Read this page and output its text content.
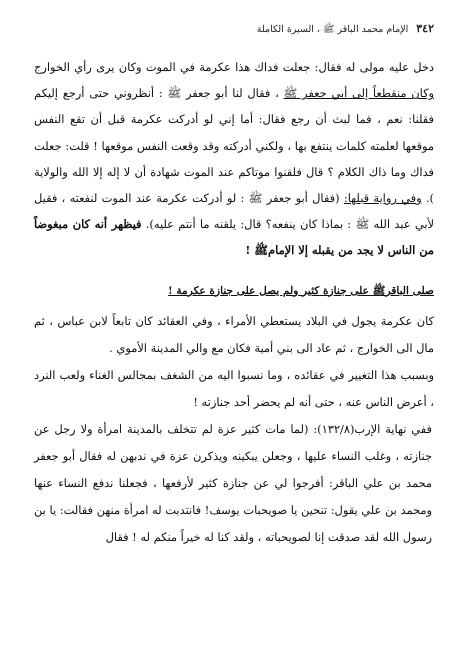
٣٤٢
الإمام محمد الباقر ﷺ ، السيرة الكاملة

دخل عليه مولى له فقال: جعلت فداك هذا عكرمة في الموت وكان يرى رأي الخوارج وكان منقطعاً إلى أبي جعفر ﷺ ، فقال لنا أبو جعفر ﷺ : أنظروني حتى أرجع إليكم فقلنا: نعم ، فما لبث أن رجع فقال: أما إني لو أدركت عكرمة قبل أن تقع النفس موقعها لعلمته كلمات ينتفع بها ، ولكني أدركته وقد وقعت النفس موقعها ! قلت: جعلت فداك وما ذاك الكلام ؟ قال فلقنوا موتاكم عند الموت شهادة أن لا إله إلا الله والولاية ). وفي رواية قبلها: (فقال أبو جعفر ﷺ : لو أدركت عكرمة عند الموت لنفعته ، فقيل لأبي عبد الله ﷺ : بماذا كان ينفعه؟ قال: يلقنه ما أنتم عليه). فيظهر أنه كان مبغوضاً من الناس لا يجد من يقبله إلا الإمامﷺ !

صلى الباقرﷺ على جنازة كثير ولم يصل على جنازة عكرمة !

كان عكرمة يجول في البلاد يستعطي الأمراء ، وفي العقائد كان تابعاً لابن عباس ، ثم مال الى الخوارج ، ثم عاد الى بني أمية فكان مع والي المدينة الأموي .

وبسبب هذا التغيير في عقائده ، وما نسبوا اليه من الشغف بمجالس الغناء ولعب النرد ، أعرض الناس عنه ، حتى أنه لم يحضر أحد جنازته !

ففي نهاية الإرب(١٣٢/٨): (لما مات كثير عزة لم تتخلف بالمدينة امرأة ولا رجل عن جنازته ، وغلب النساء عليها ، وجعلن يبكينه ويذكرن عزة في ندبهن له فقال أبو جعفر محمد بن علي الباقر: أفرجوا لي عن جنازة كثير لأرفعها ، فجعلنا ندفع النساء عنها ومحمد بن علي يقول: تنحين يا صويحبات يوسف! فانتدبت له امرأة منهن فقالت: يا بن رسول الله لقد صدقت إنا لصويحباته ، ولقد كنا له خيراً منكم له ! فقال
